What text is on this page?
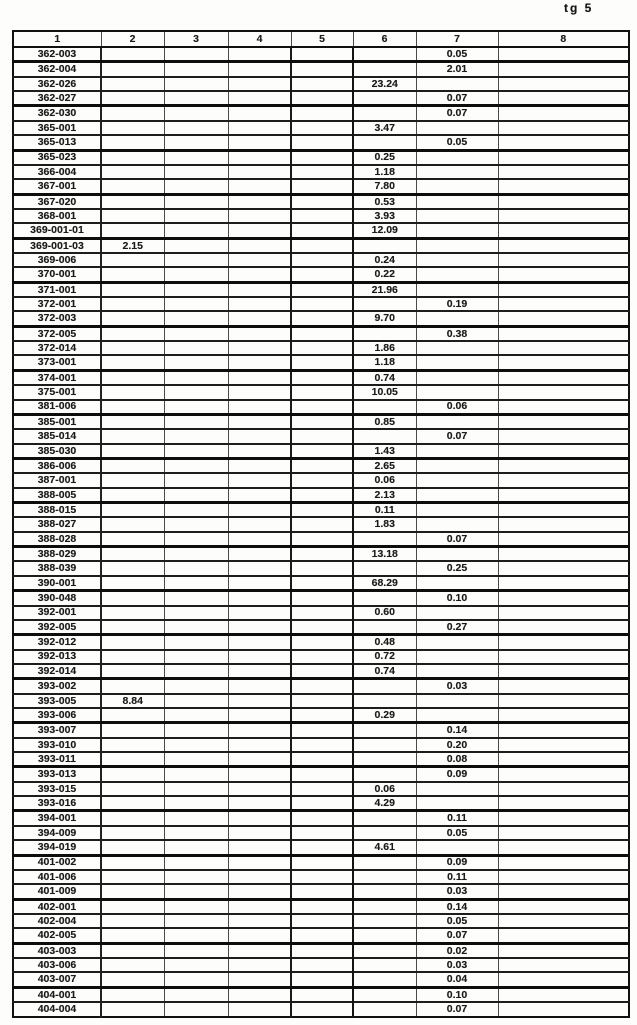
tg 5
1	2	3	4	5	6	7	8
362-003						0.05	
362-004						2.01	
362-026					23.24		
362-027						0.07	
362-030						0.07	
365-001					3.47		
365-013						0.05	
365-023					0.25		
366-004					1.18		
367-001					7.80		
367-020					0.53		
368-001					3.93		
369-001-01					12.09		
369-001-03	2.15						
369-006					0.24		
370-001					0.22		
371-001					21.96		
372-001						0.19	
372-003					9.70		
372-005						0.38	
372-014					1.86		
373-001					1.18		
374-001					0.74		
375-001					10.05		
381-006						0.06	
385-001					0.85		
385-014						0.07	
385-030					1.43		
386-006					2.65		
387-001					0.06		
388-005					2.13		
388-015					0.11		
388-027					1.83		
388-028						0.07	
388-029					13.18		
388-039						0.25	
390-001					68.29		
390-048						0.10	
392-001					0.60		
392-005						0.27	
392-012					0.48		
392-013					0.72		
392-014					0.74		
393-002						0.03	
393-005	8.84						
393-006					0.29		
393-007						0.14	
393-010						0.20	
393-011						0.08	
393-013						0.09	
393-015					0.06		
393-016					4.29		
394-001						0.11	
394-009						0.05	
394-019					4.61		
401-002						0.09	
401-006						0.11	
401-009						0.03	
402-001						0.14	
402-004						0.05	
402-005						0.07	
403-003						0.02	
403-006						0.03	
403-007						0.04	
404-001						0.10	
404-004						0.07	
